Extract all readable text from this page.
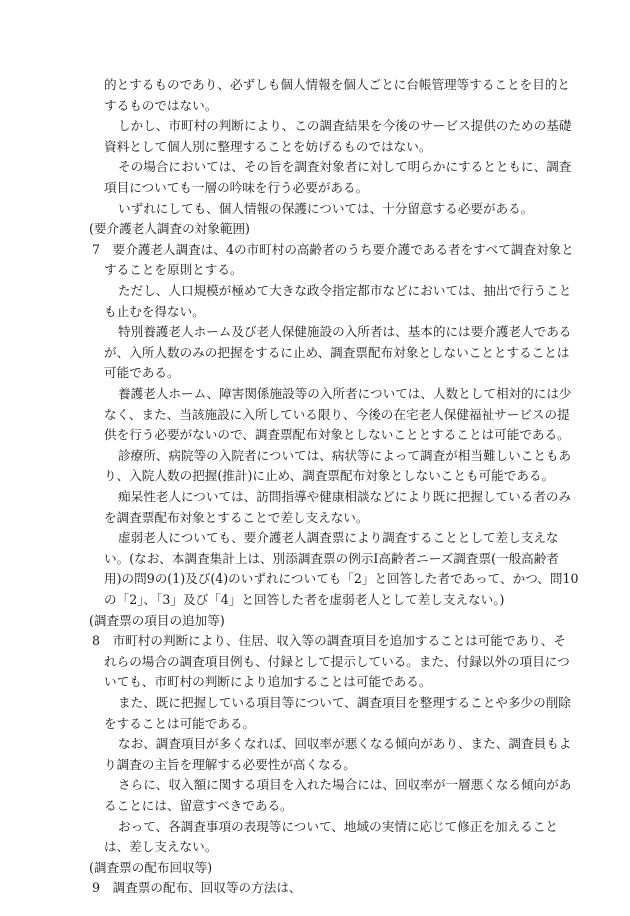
的とするものであり、必ずしも個人情報を個人ごとに台帳管理等することを目的と

するものではない。

しかし、市町村の判断により、この調査結果を今後のサービス提供のための基礎

資料として個人別に整理することを妨げるものではない。

その場合においては、その旨を調査対象者に対して明らかにするとともに、調査

項目についても一層の吟味を行う必要がある。

いずれにしても、個人情報の保護については、十分留意する必要がある。

(要介護老人調査の対象範囲)

7　要介護老人調査は、4の市町村の高齢者のうち要介護である者をすべて調査対象と

することを原則とする。

ただし、人口規模が極めて大きな政令指定都市などにおいては、抽出で行うこと

も止むを得ない。

特別養護老人ホーム及び老人保健施設の入所者は、基本的には要介護老人である

が、入所人数のみの把握をするに止め、調査票配布対象としないこととすることは

可能である。

養護老人ホーム、障害関係施設等の入所者については、人数として相対的には少

なく、また、当該施設に入所している限り、今後の在宅老人保健福祉サービスの提

供を行う必要がないので、調査票配布対象としないこととすることは可能である。

診療所、病院等の入院者については、病状等によって調査が相当難しいこともあ

り、入院人数の把握(推計)に止め、調査票配布対象としないことも可能である。

痴呆性老人については、訪問指導や健康相談などにより既に把握している者のみ

を調査票配布対象とすることで差し支えない。

虚弱老人についても、要介護老人調査票により調査することとして差し支えな

い。(なお、本調査集計上は、別添調査票の例示Ⅰ高齢者ニーズ調査票(一般高齢者

用)の問9の(1)及び(4)のいずれについても「2」と回答した者であって、かつ、問10

の「2」、「3」及び「4」と回答した者を虚弱老人として差し支えない。)

(調査票の項目の追加等)

8　市町村の判断により、住居、収入等の調査項目を追加することは可能であり、そ

れらの場合の調査項目例も、付録として提示している。また、付録以外の項目につ

いても、市町村の判断により追加することは可能である。

また、既に把握している項目等について、調査項目を整理することや多少の削除

をすることは可能である。

なお、調査項目が多くなれば、回収率が悪くなる傾向があり、また、調査員もよ

り調査の主旨を理解する必要性が高くなる。

さらに、収入額に関する項目を入れた場合には、回収率が一層悪くなる傾向があ

ることには、留意すべきである。

おって、各調査事項の表現等について、地域の実情に応じて修正を加えること

は、差し支えない。

(調査票の配布回収等)

9　調査票の配布、回収等の方法は、
